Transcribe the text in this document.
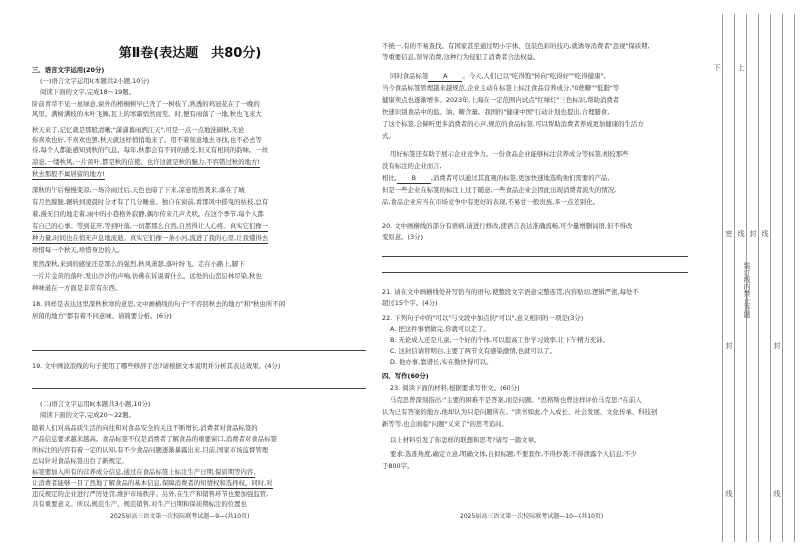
第Ⅱ卷(表达题　共80分)
三、语言文字运用(20分)
(一)语言文字运用Ⅰ(本题共2小题,10分)
阅读下面的文字,完成18～19题。
阶前青草不见一星绿意,窗外的梧桐树早已秃了一树枝丫,熟透的鸡冠花在了一晚的
风里。满树满枝的木叶飞舞,瓦上的寒霜悄然而至。时,便有雨落了一地,秋也飞来大
秋天来了,记忆就是那般清晰;"潇潇暮雨洒江天",可是一点一点地洗刷秋,无论
你喜欢也好,不喜欢也罢,秋天就这样悄悄地来了。用不着刻意地去寻找,也不必去等
待,每个人都能感知到秋的气息。每年,秋都会有不同的感受,但又有相同的韵味。一丝
凉意,一缕秋风,一片黄叶,都是秋的信使。也许这就是秋的魅力,不容错过秋的地方!
秋去那般不属居留的地方!
深秋的午后慢慢变凉,一场冷雨过后,天色也暗了下来,凉意悄然袭来,落在了城
有月色朦胧,辗转到凌晨时分才有了几分睡意。独自在窗前,看那风中摇曳的枯枝,总有
着,漫无目的地走着,雨中的小巷格外寂静,偶尔传来几声犬吠。在这个季节,每个人都
有自己的心事。等到花开,等到叶落,一切都那么自然,自然得让人心疼。真实它们像一
种力量,时间也在悄无声息地流逝。真实它们像一条小河,流进了我的心里,让我懂得去
珍惜每一个秋天,珍惜身边的人。
果然深秋,来到的感觉还是那么的强烈,秋风萧瑟,落叶纷飞。走在小路上,脚下
一片片金黄的落叶,发出沙沙的声响,仿佛在诉说着什么。远处的山峦层林尽染,秋也
种味道在一方面是非常有东西。
18. 同样是表达这里深秋秋寒的意思,文中画横线的句子"不容回秋去的地方"和"秋虫所不闲
居留的地方"都有着不同意味。请简要分析。(6分)
19. 文中画波浪线的句子使用了哪些修辞手法?请根据文本说明并分析其表达效果。(4分)
(二)语言文字运用Ⅱ(本题共3小题,10分)
阅读下面的文字,完成20～22题。
随着人们对高品质生活的向往和对食品安全的关注不断增长,消费者对食品标签的
产品信息要求越来越高。食品标签不仅是消费者了解食品的重要窗口,消费者对食品标签
所标注的内容有着一定的认知,有不少食品问题逐渐暴露出来,目前,国家市场监督管理
总局针对食品标签出台了新规定。
标签要加入所有的营养成分信息,通过在食品标签上标注生产日期,保质期等内容,
让消费者能够一目了然地了解食品的基本信息,保障消费者的知情权和选择权。同时,对
违反规定的企业进行严厉处罚,维护市场秩序。另外,在生产和销售环节也要加强监管,
共有重要意义。所以,规范生产、规范销售,对生产日期和保质期标注的位置也
2025届高三语文第一次校际联考试题—9—(共10页)
不统一,有的不易查找。有国家甚至通过明小字体、包装色彩的技巧,就诱导消费者"忽视"保质期,
等重要信息,误导消费,这种行为侵犯了消费者合法权益。
同时食品标签 A 。今天,人们已以"吃得饱"转向"吃得好""吃得健康"。
当今食品标签管理越来越规范,企业主动在标签上标注食品营养成分,"0蔗糖""低脂"等
健康卖点也逐渐增多。2023年,上海在一定范围内试点"红绿灯"三色标识,帮助消费者
快速识别食品中的盐、油、糖含量。我国的"健康中国"行动计划也提出,合理膳食,
了这个标签,会倾听更多消费者的心声,规范的食品标签,可以帮助消费者养成更加健康的生活方
式。
用好标签还有助于展示企业竞争力。一份食品企业能够标注营养成分等标签,相较那些
没有标注的企业而言,
相比, B ,消费者可以通过其直观的标签,更加快速地选购他们需要的产品,
但是一些企业在标签的标注上过于随意,一些食品企业会因此出现消费者流失的情况,
品,食品企业应当在市场竞争中有更好的表现,不易甘一般贵族,多一点差别化。
20. 文中画横线的部分有语病,请进行修改,使语言表达准确流畅,可少量增删词语,但不得改
变原意。(3分)
21. 请在文中画横线处补写恰当的语句,使整段文字语意完整连贯,内容贴切,逻辑严密,每处不
超过15个字。(4分)
22. 下列句子中的"可以"与文段中加点的"可以",意义相同的一项是(3分)
A. 把这件事情做完,你就可以走了。
B. 无论成人还是儿童,一个好的个体,可以提高工作学习效率,让下午精力充沛。
C. 这封信请替明白,主要了两节文有感染激情,也就可以了。
D. 他办事,靠谱长,实在勤快得可以。
四、写作(60分)
23. 阅读下面的材料,根据要求写作文。(60分)
马克思曾深刻指出:"主要的困难不是答案,而是问题。"思格斯也曾这样评价马克思:"在前人
认为已有答案的地方,他却认为只是问题所在。"读书如此,个人成长、社会发展、文化传承、科技创
新等等,也会面临"问题"又来了"的思考追问。
以上材料引发了你怎样的联想和思考?请写一篇文章。
要求:选准角度,确定立意,明确文体,自拟标题;不要套作,不得抄袭;不得泄露个人信息;不少
于800字。
2025届高三语文第一次校际联考试题—10—(共10页)
下 上
密 线 封 线
装订线内禁止答题
封	封
线	线
